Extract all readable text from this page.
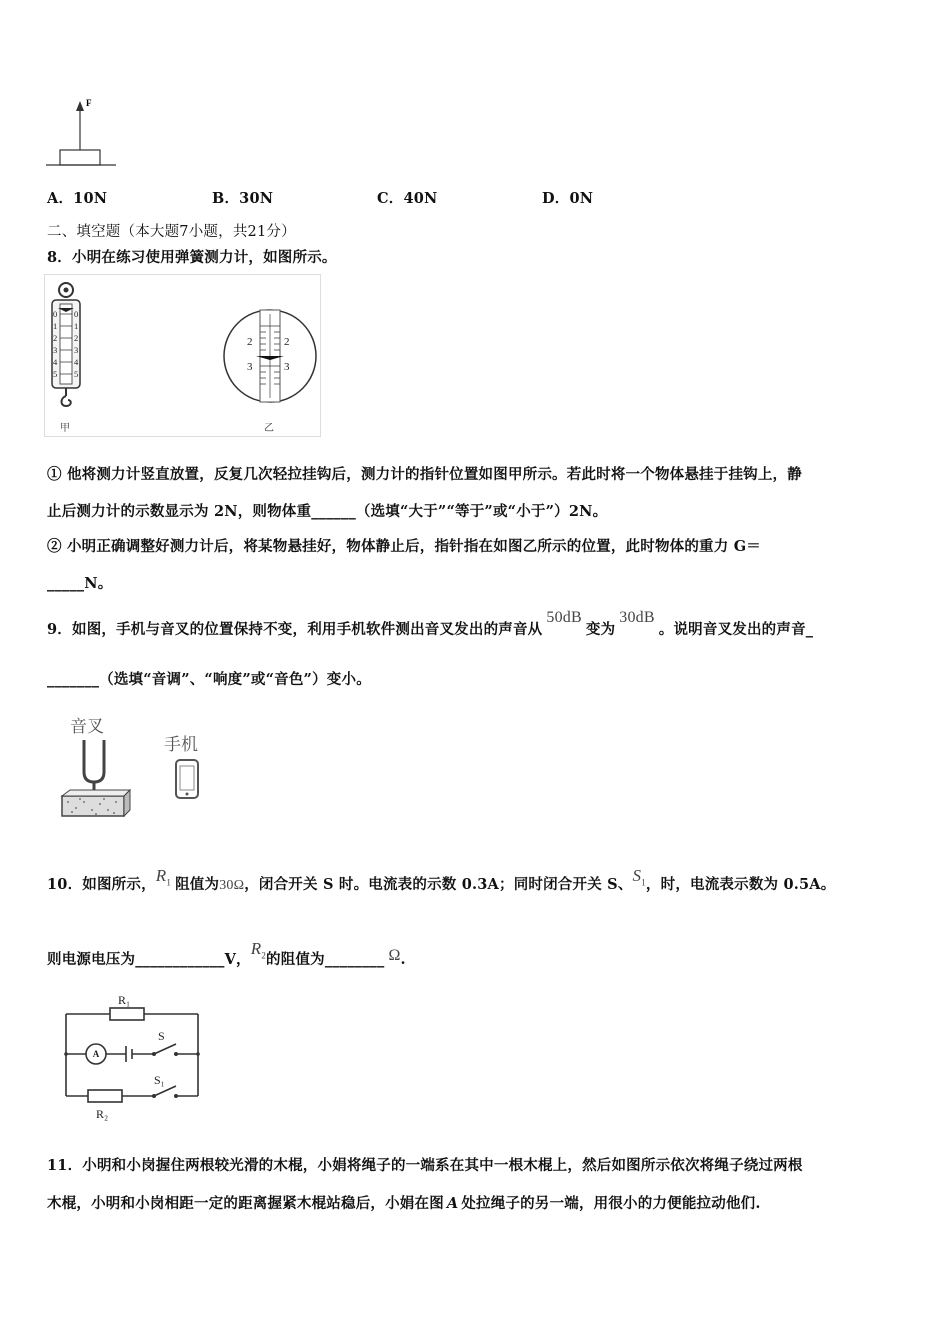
F
A．10N	B．30N	C．40N	D．0N
二、填空题（本大题7小题，共21分）
8．小明在练习使用弹簧测力计，如图所示。
0
1
2
3
4
5
0
1
2
3
4
5
甲
2	2
3	3
乙
① 他将测力计竖直放置，反复几次轻拉挂钩后，测力计的指针位置如图甲所示。若此时将一个物体悬挂于挂钩上，静
止后测力计的示数显示为 2N，则物体重______（选填“大于”“等于”或“小于”）2N。
② 小明正确调整好测力计后，将某物悬挂好，物体静止后，指针指在如图乙所示的位置，此时物体的重力 G＝
_____N。
9．如图，手机与音叉的位置保持不变，利用手机软件测出音叉发出的声音从50dB变为30dB。说明音叉发出的声音_
_______（选填“音调”、“响度”或“音色”）变小。
音叉
手机
10．如图所示，$R_1$ 阻值为30Ω，闭合开关 S 时。电流表的示数 0.3A；同时闭合开关 S、$S_1$，时，电流表示数为 0.5A。
则电源电压为____________V，$R_2$的阻值为________ Ω.
R₁
A
S
S₁
R₂
11．小明和小岗握住两根较光滑的木棍，小娟将绳子的一端系在其中一根木棍上，然后如图所示依次将绳子绕过两根
木棍，小明和小岗相距一定的距离握紧木棍站稳后，小娟在图 A 处拉绳子的另一端，用很小的力便能拉动他们.
